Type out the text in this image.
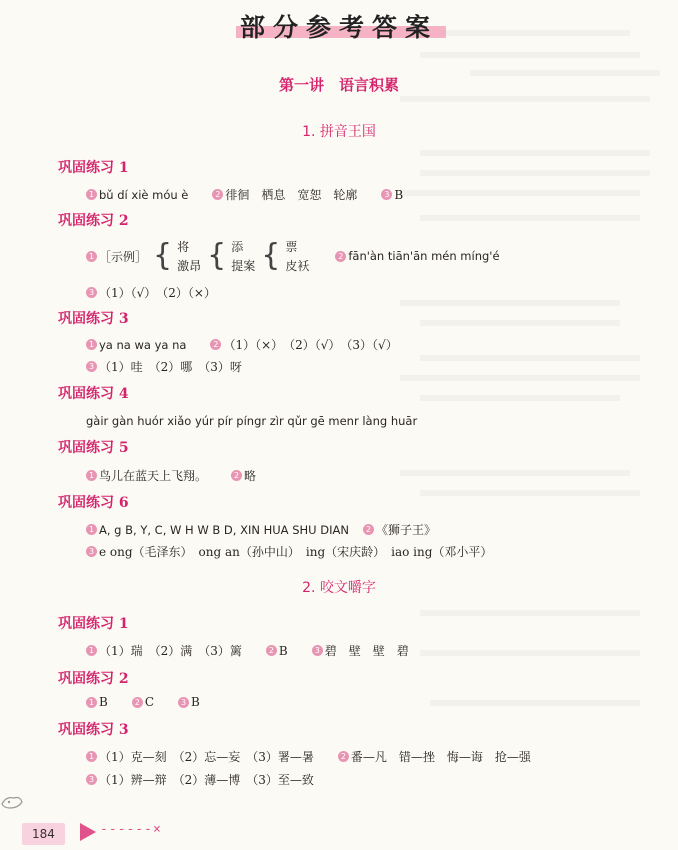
部分参考答案
第一讲　语言积累
1. 拼音王国
巩固练习 1
1 bǔ dí xiè móu è	2 徘徊　栖息　宽恕　轮廓	3 B
巩固练习 2
1 ［示例］ { 将
激昂 { 添
提案 { 票
皮袄
2 fān'àn tiān'ān mén míng'é
3 （1）（√）　（2）（×）
巩固练习 3
1 ya na wa ya na	2 （1）（×）　（2）（√）　（3）（√）
3 （1）哇　（2）哪　（3）呀
巩固练习 4
gàir gàn huór xiǎo yúr pír píngr zìr qǔr gē menr làng huār
巩固练习 5
1 鸟儿在蓝天上飞翔。	2 略
巩固练习 6
1 A, g B, Y, C, W H W B D, XIN HUA SHU DIAN	2 《狮子王》
3 e ong（毛泽东）　ong an（孙中山）　ing（宋庆龄）　iao ing（邓小平）
2. 咬文嚼字
巩固练习 1
1 （1）瑞　（2）满　（3）篱	2 B	3 碧　壁　壁　碧
巩固练习 2
1 B	2 C	3 B
巩固练习 3
1 （1）克—刻　（2）忘—妄　（3）署—暑	2 番—凡　错—挫　悔—诲　抢—强
3 （1）辨—辩　（2）薄—博　（3）至—致
184	------×
